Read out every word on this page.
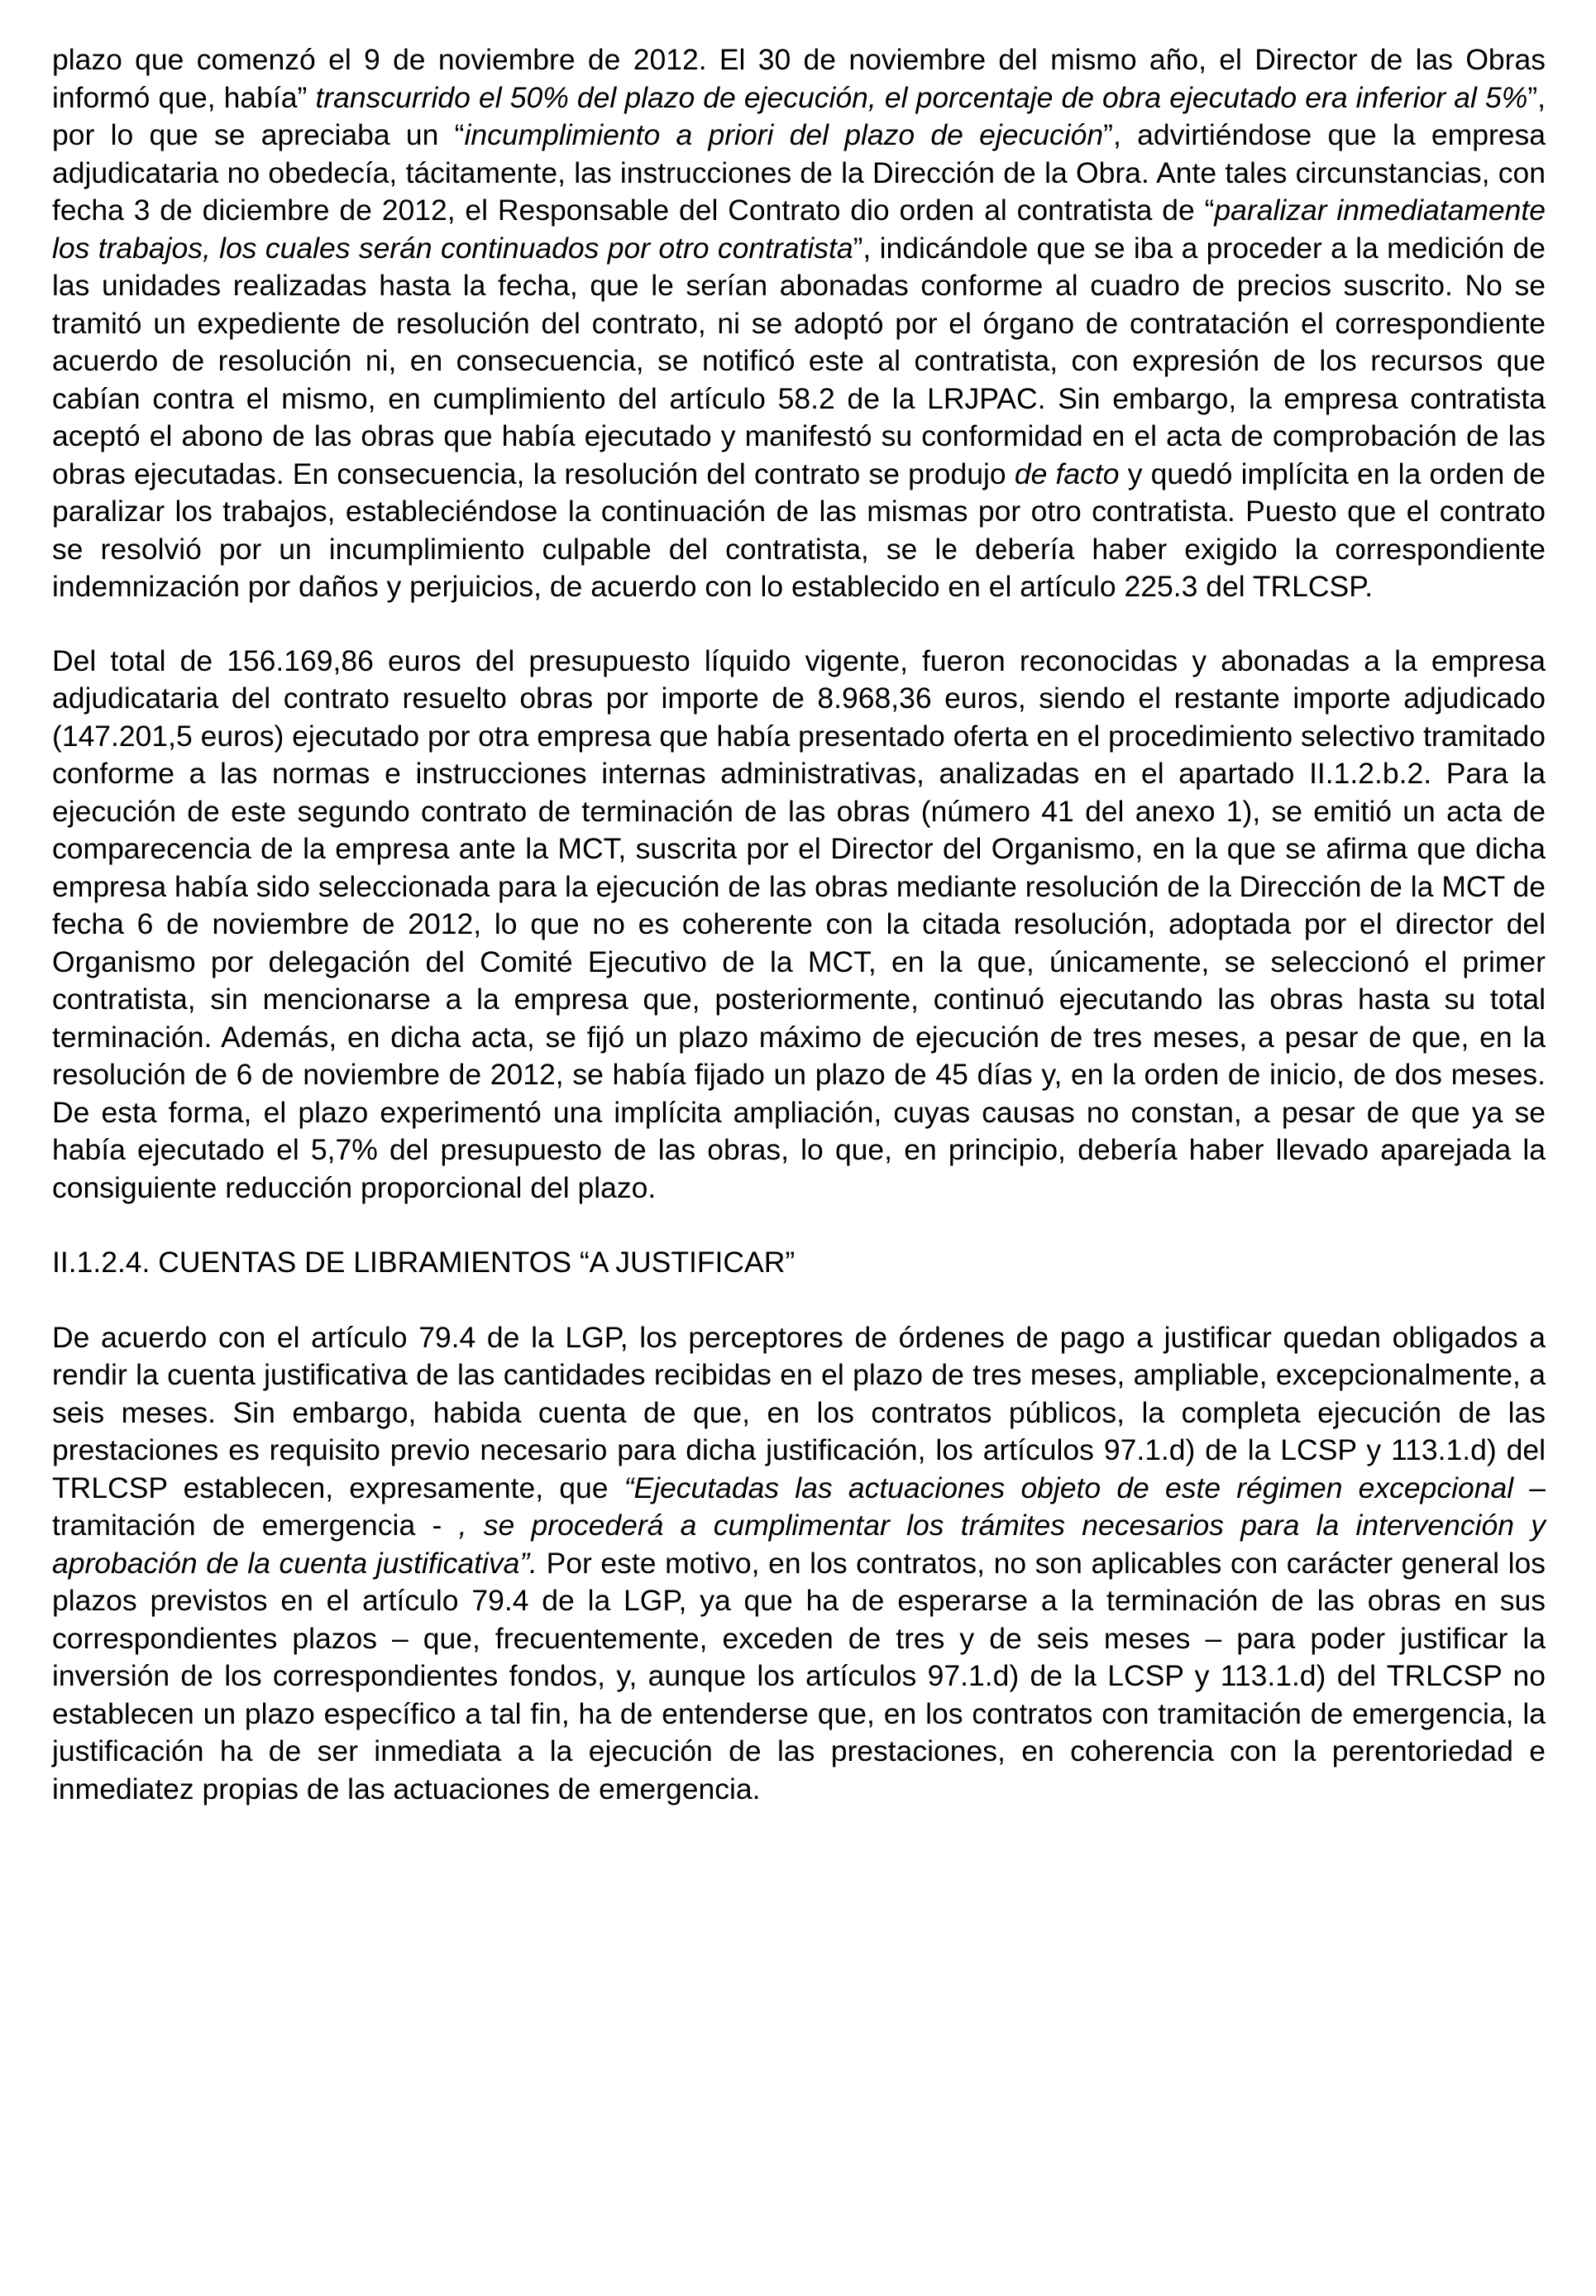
plazo que comenzó el 9 de noviembre de 2012. El 30 de noviembre del mismo año, el Director de las Obras informó que, había” transcurrido el 50% del plazo de ejecución, el porcentaje de obra ejecutado era inferior al 5%”, por lo que se apreciaba un “incumplimiento a priori del plazo de ejecución”, advirtiéndose que la empresa adjudicataria no obedecía, tácitamente, las instrucciones de la Dirección de la Obra. Ante tales circunstancias, con fecha 3 de diciembre de 2012, el Responsable del Contrato dio orden al contratista de “paralizar inmediatamente los trabajos, los cuales serán continuados por otro contratista”, indicándole que se iba a proceder a la medición de las unidades realizadas hasta la fecha, que le serían abonadas conforme al cuadro de precios suscrito. No se tramitó un expediente de resolución del contrato, ni se adoptó por el órgano de contratación el correspondiente acuerdo de resolución ni, en consecuencia, se notificó este al contratista, con expresión de los recursos que cabían contra el mismo, en cumplimiento del artículo 58.2 de la LRJPAC. Sin embargo, la empresa contratista aceptó el abono de las obras que había ejecutado y manifestó su conformidad en el acta de comprobación de las obras ejecutadas. En consecuencia, la resolución del contrato se produjo de facto y quedó implícita en la orden de paralizar los trabajos, estableciéndose la continuación de las mismas por otro contratista. Puesto que el contrato se resolvió por un incumplimiento culpable del contratista, se le debería haber exigido la correspondiente indemnización por daños y perjuicios, de acuerdo con lo establecido en el artículo 225.3 del TRLCSP.

Del total de 156.169,86 euros del presupuesto líquido vigente, fueron reconocidas y abonadas a la empresa adjudicataria del contrato resuelto obras por importe de 8.968,36 euros, siendo el restante importe adjudicado (147.201,5 euros) ejecutado por otra empresa que había presentado oferta en el procedimiento selectivo tramitado conforme a las normas e instrucciones internas administrativas, analizadas en el apartado II.1.2.b.2. Para la ejecución de este segundo contrato de terminación de las obras (número 41 del anexo 1), se emitió un acta de comparecencia de la empresa ante la MCT, suscrita por el Director del Organismo, en la que se afirma que dicha empresa había sido seleccionada para la ejecución de las obras mediante resolución de la Dirección de la MCT de fecha 6 de noviembre de 2012, lo que no es coherente con la citada resolución, adoptada por el director del Organismo por delegación del Comité Ejecutivo de la MCT, en la que, únicamente, se seleccionó el primer contratista, sin mencionarse a la empresa que, posteriormente, continuó ejecutando las obras hasta su total terminación. Además, en dicha acta, se fijó un plazo máximo de ejecución de tres meses, a pesar de que, en la resolución de 6 de noviembre de 2012, se había fijado un plazo de 45 días y, en la orden de inicio, de dos meses. De esta forma, el plazo experimentó una implícita ampliación, cuyas causas no constan, a pesar de que ya se había ejecutado el 5,7% del presupuesto de las obras, lo que, en principio, debería haber llevado aparejada la consiguiente reducción proporcional del plazo.

II.1.2.4. CUENTAS DE LIBRAMIENTOS “A JUSTIFICAR”

De acuerdo con el artículo 79.4 de la LGP, los perceptores de órdenes de pago a justificar quedan obligados a rendir la cuenta justificativa de las cantidades recibidas en el plazo de tres meses, ampliable, excepcionalmente, a seis meses. Sin embargo, habida cuenta de que, en los contratos públicos, la completa ejecución de las prestaciones es requisito previo necesario para dicha justificación, los artículos 97.1.d) de la LCSP y 113.1.d) del TRLCSP establecen, expresamente, que “Ejecutadas las actuaciones objeto de este régimen excepcional – tramitación de emergencia - , se procederá a cumplimentar los trámites necesarios para la intervención y aprobación de la cuenta justificativa”. Por este motivo, en los contratos, no son aplicables con carácter general los plazos previstos en el artículo 79.4 de la LGP, ya que ha de esperarse a la terminación de las obras en sus correspondientes plazos – que, frecuentemente, exceden de tres y de seis meses – para poder justificar la inversión de los correspondientes fondos, y, aunque los artículos 97.1.d) de la LCSP y 113.1.d) del TRLCSP no establecen un plazo específico a tal fin, ha de entenderse que, en los contratos con tramitación de emergencia, la justificación ha de ser inmediata a la ejecución de las prestaciones, en coherencia con la perentoriedad e inmediatez propias de las actuaciones de emergencia.
